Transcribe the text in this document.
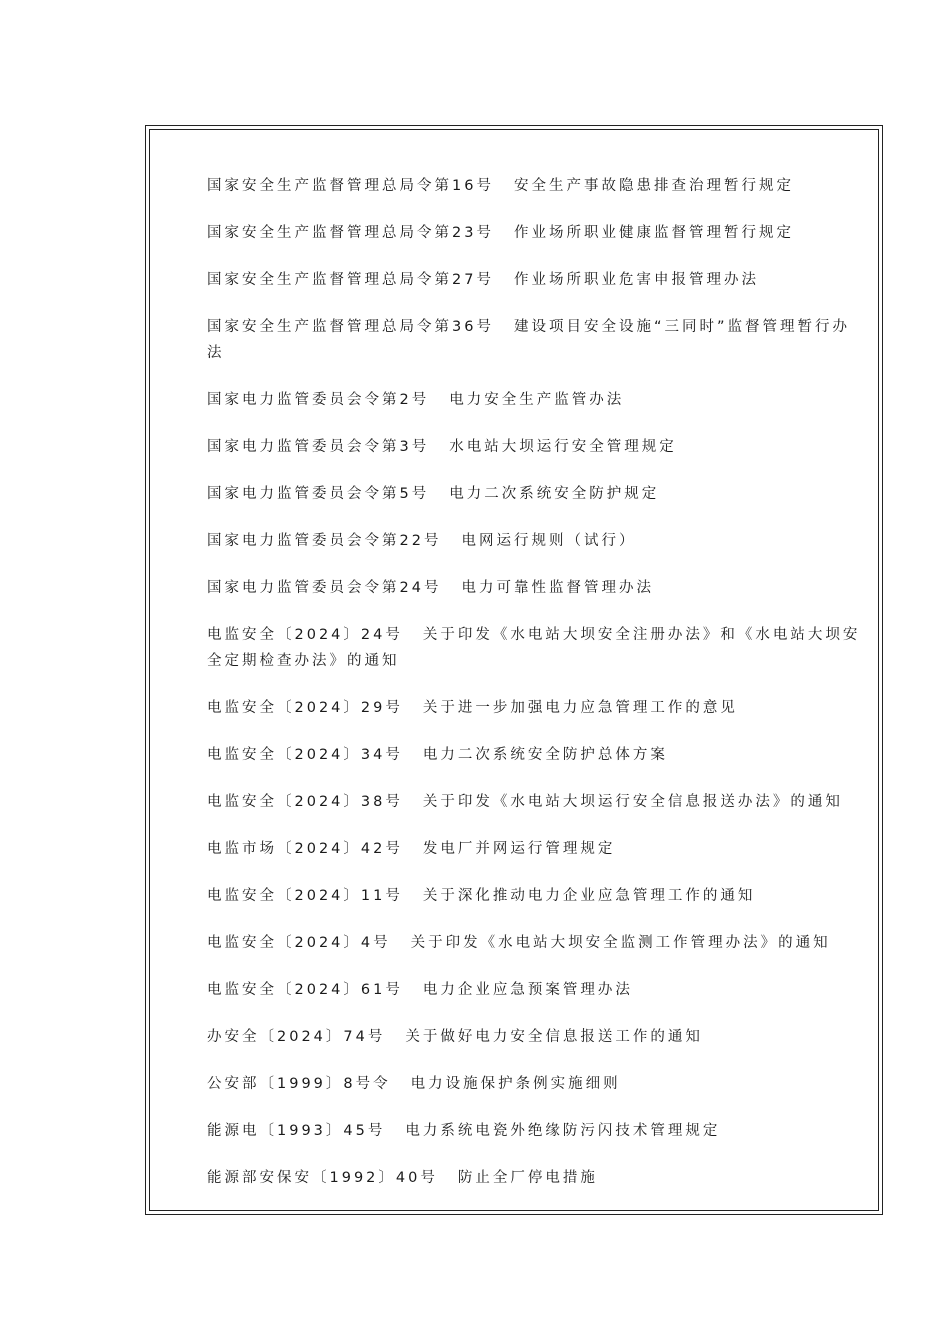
国家安全生产监督管理总局令第16号 安全生产事故隐患排查治理暂行规定
国家安全生产监督管理总局令第23号 作业场所职业健康监督管理暂行规定
国家安全生产监督管理总局令第27号 作业场所职业危害申报管理办法
国家安全生产监督管理总局令第36号 建设项目安全设施“三同时”监督管理暂行办法
国家电力监管委员会令第2号 电力安全生产监管办法
国家电力监管委员会令第3号 水电站大坝运行安全管理规定
国家电力监管委员会令第5号 电力二次系统安全防护规定
国家电力监管委员会令第22号 电网运行规则（试行）
国家电力监管委员会令第24号 电力可靠性监督管理办法
电监安全〔2024〕24号 关于印发《水电站大坝安全注册办法》和《水电站大坝安全定期检查办法》的通知
电监安全〔2024〕29号 关于进一步加强电力应急管理工作的意见
电监安全〔2024〕34号 电力二次系统安全防护总体方案
电监安全〔2024〕38号 关于印发《水电站大坝运行安全信息报送办法》的通知
电监市场〔2024〕42号 发电厂并网运行管理规定
电监安全〔2024〕11号 关于深化推动电力企业应急管理工作的通知
电监安全〔2024〕4号 关于印发《水电站大坝安全监测工作管理办法》的通知
电监安全〔2024〕61号 电力企业应急预案管理办法
办安全〔2024〕74号 关于做好电力安全信息报送工作的通知
公安部〔1999〕8号令 电力设施保护条例实施细则
能源电〔1993〕45号 电力系统电瓷外绝缘防污闪技术管理规定
能源部安保安〔1992〕40号 防止全厂停电措施
